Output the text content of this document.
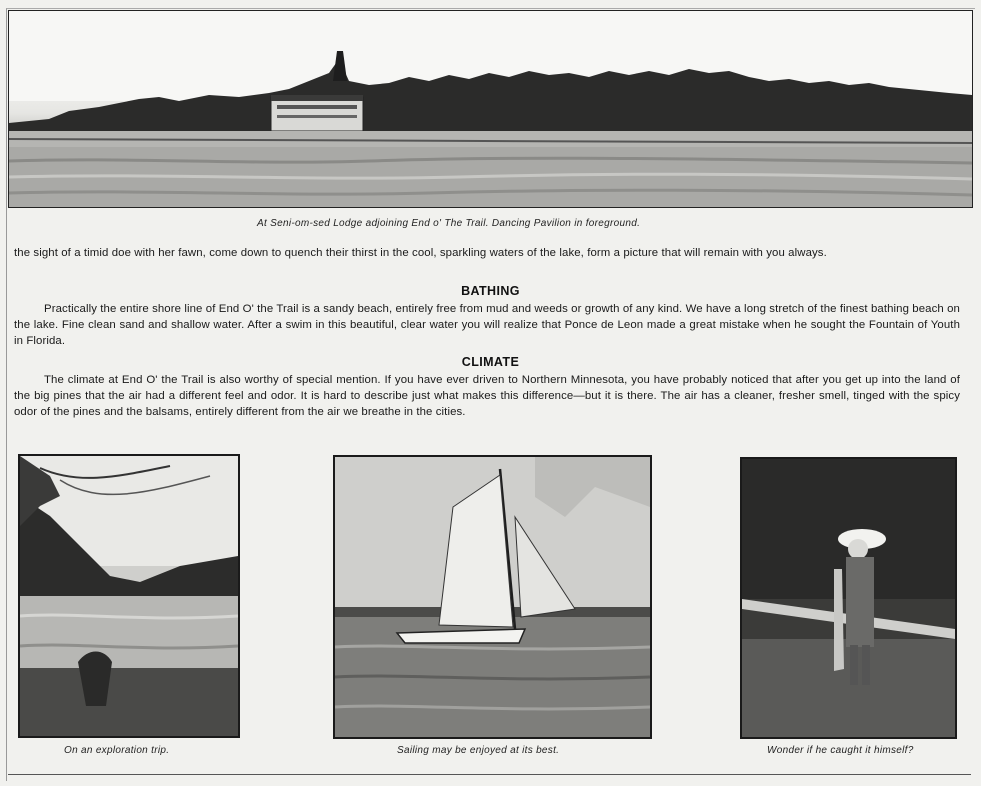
At Seni-om-sed Lodge adjoining End o' The Trail. Dancing Pavilion in foreground.
the sight of a timid doe with her fawn, come down to quench their thirst in the cool, sparkling waters of the lake, form a picture that will remain with you always.
BATHING
Practically the entire shore line of End O' the Trail is a sandy beach, entirely free from mud and weeds or growth of any kind. We have a long stretch of the finest bathing beach on the lake. Fine clean sand and shallow water. After a swim in this beautiful, clear water you will realize that Ponce de Leon made a great mistake when he sought the Fountain of Youth in Florida.
CLIMATE
The climate at End O' the Trail is also worthy of special mention. If you have ever driven to Northern Minnesota, you have probably noticed that after you get up into the land of the big pines that the air had a different feel and odor. It is hard to describe just what makes this difference—but it is there. The air has a cleaner, fresher smell, tinged with the spicy odor of the pines and the balsams, entirely different from the air we breathe in the cities.
On an exploration trip.	Sailing may be enjoyed at its best.	Wonder if he caught it himself?
